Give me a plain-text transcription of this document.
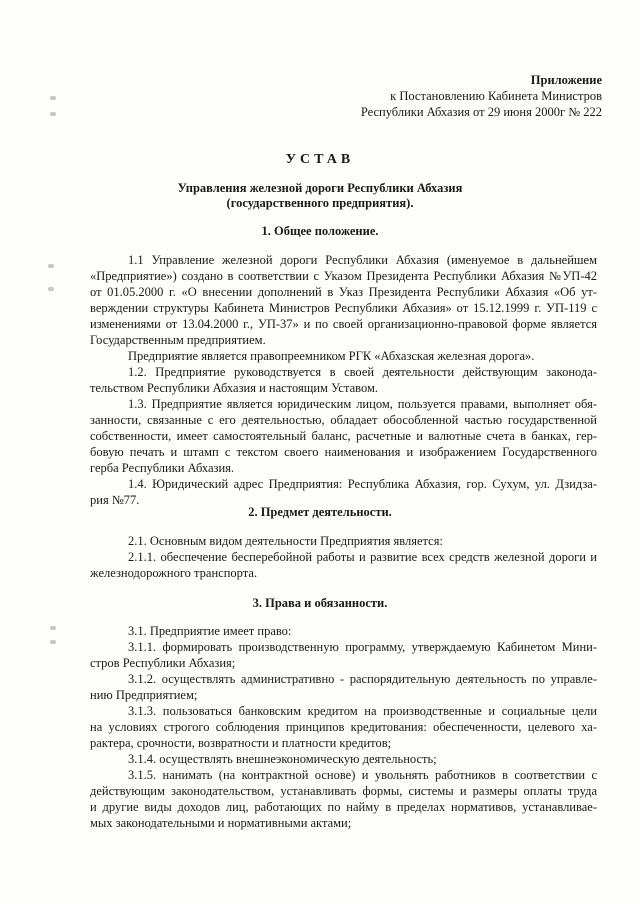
Приложение
к Постановлению Кабинета Министров
Республики Абхазия от 29 июня 2000г № 222
УСТАВ
Управления железной дороги Республики Абхазия
(государственного предприятия).
1. Общее положение.
1.1 Управление железной дороги Республики Абхазия (именуемое в дальнейшем
«Предприятие») создано в соответствии с Указом Президента Республики Абхазия №УП-42
от 01.05.2000 г. «О внесении дополнений в Указ Президента Республики Абхазия «Об ут-
верждении структуры Кабинета Министров Республики Абхазия» от 15.12.1999 г. УП-119 с
изменениями от 13.04.2000 г., УП-37» и по своей организационно-правовой форме является
Государственным предприятием.
Предприятие является правопреемником РГК «Абхазская железная дорога».
1.2. Предприятие руководствуется в своей деятельности действующим законода-
тельством Республики Абхазия и настоящим Уставом.
1.3. Предприятие является юридическим лицом, пользуется правами, выполняет обя-
занности, связанные с его деятельностью, обладает обособленной частью государственной
собственности, имеет самостоятельный баланс, расчетные и валютные счета в банках, гер-
бовую печать и штамп с текстом своего наименования и изображением Государственного
герба Республики Абхазия.
1.4. Юридический адрес Предприятия: Республика Абхазия, гор. Сухум, ул. Дзидза-
рия №77.
2. Предмет деятельности.
2.1. Основным видом деятельности Предприятия является:
2.1.1. обеспечение бесперебойной работы и развитие всех средств железной дороги и
железнодорожного транспорта.
3. Права и обязанности.
3.1. Предприятие имеет право:
3.1.1. формировать производственную программу, утверждаемую Кабинетом Мини-
стров Республики Абхазия;
3.1.2. осуществлять административно - распорядительную деятельность по управле-
нию Предприятием;
3.1.3. пользоваться банковским кредитом на производственные и социальные цели
на условиях строгого соблюдения принципов кредитования: обеспеченности, целевого ха-
рактера, срочности, возвратности и платности кредитов;
3.1.4. осуществлять внешнеэкономическую деятельность;
3.1.5. нанимать (на контрактной основе) и увольнять работников в соответствии с
действующим законодательством, устанавливать формы, системы и размеры оплаты труда
и другие виды доходов лиц, работающих по найму в пределах нормативов, устанавливае-
мых законодательными и нормативными актами;
